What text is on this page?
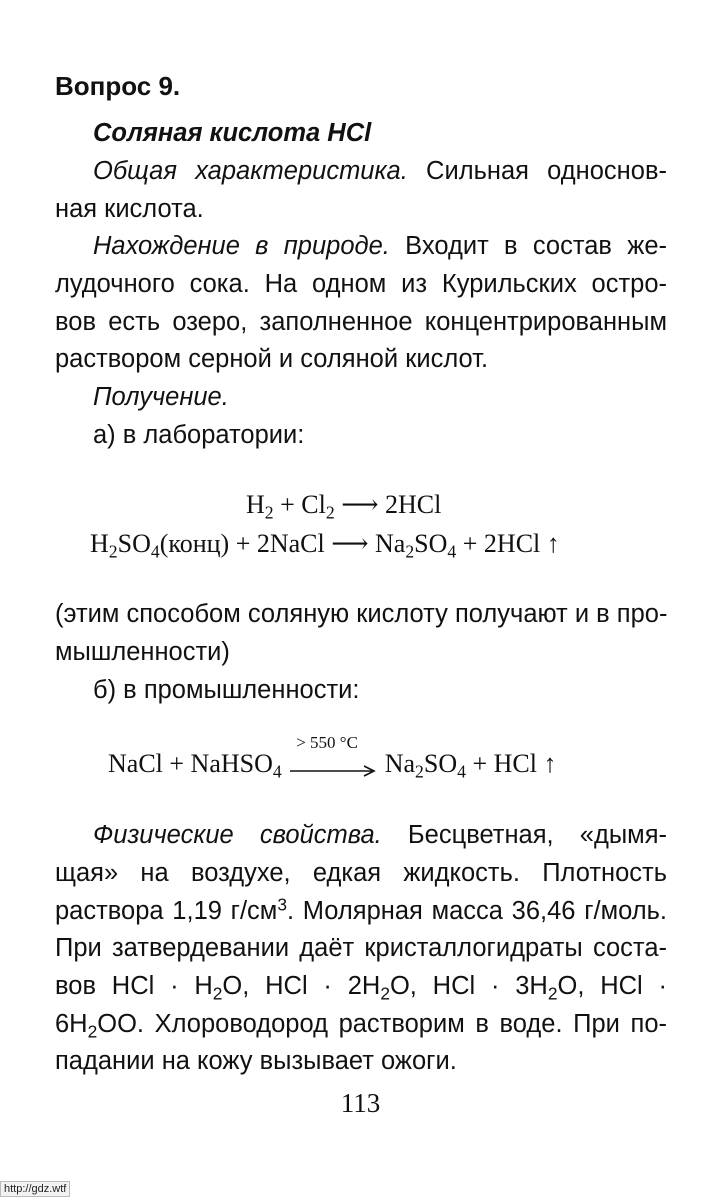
Вопрос 9.
Соляная кислота HCl
Общая характеристика. Сильная односнов-
ная кислота.
Нахождение в природе. Входит в состав же-
лудочного сока. На одном из Курильских остро-
вов есть озеро, заполненное концентрированным
раствором серной и соляной кислот.
Получение.
а) в лаборатории:
$H_2 + Cl_2$ ⟶ 2HCl
$H_2SO_4(конц)$ + 2NaCl ⟶ $Na_2SO_4 + 2HCl$ ↑
(этим способом соляную кислоту получают и в про-
мышленности)
б) в промышленности:
NaCl + NaHSO$_4$
> 550 °C
$Na_2SO_4$ + HCl ↑
Физические свойства. Бесцветная, «дымя-
щая» на воздухе, едкая жидкость. Плотность
раствора 1,19 $г/см^3$. Молярная масса 36,46 г/моль.
При затвердевании даёт кристаллогидраты соста-
вов HCl · $H_2O$, HCl · $2H_2O$, HCl · $3H_2O$, HCl ·
$6H_2OO$. Хлороводород растворим в воде. При по-
падании на кожу вызывает ожоги.
113
http://gdz.wtf
